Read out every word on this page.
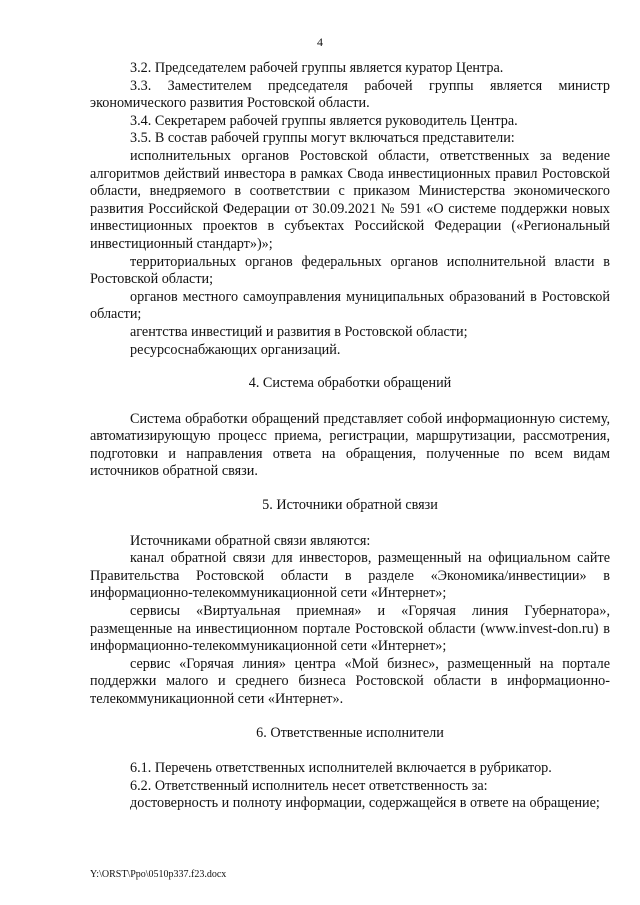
4

3.2. Председателем рабочей группы является куратор Центра.

3.3. Заместителем председателя рабочей группы является министр экономического развития Ростовской области.

3.4. Секретарем рабочей группы является руководитель Центра.

3.5. В состав рабочей группы могут включаться представители:

исполнительных органов Ростовской области, ответственных за ведение алгоритмов действий инвестора в рамках Свода инвестиционных правил Ростовской области, внедряемого в соответствии с приказом Министерства экономического развития Российской Федерации от 30.09.2021 № 591 «О системе поддержки новых инвестиционных проектов в субъектах Российской Федерации («Региональный инвестиционный стандарт»)»;

территориальных органов федеральных органов исполнительной власти в Ростовской области;

органов местного самоуправления муниципальных образований в Ростовской области;

агентства инвестиций и развития в Ростовской области;

ресурсоснабжающих организаций.

4. Система обработки обращений

Система обработки обращений представляет собой информационную систему, автоматизирующую процесс приема, регистрации, маршрутизации, рассмотрения, подготовки и направления ответа на обращения, полученные по всем видам источников обратной связи.

5. Источники обратной связи

Источниками обратной связи являются:

канал обратной связи для инвесторов, размещенный на официальном сайте Правительства Ростовской области в разделе «Экономика/инвестиции» в информационно-телекоммуникационной сети «Интернет»;

сервисы «Виртуальная приемная» и «Горячая линия Губернатора», размещенные на инвестиционном портале Ростовской области (www.invest-don.ru) в информационно-телекоммуникационной сети «Интернет»;

сервис «Горячая линия» центра «Мой бизнес», размещенный на портале поддержки малого и среднего бизнеса Ростовской области в информационно-телекоммуникационной сети «Интернет».

6. Ответственные исполнители

6.1. Перечень ответственных исполнителей включается в рубрикатор.

6.2. Ответственный исполнитель несет ответственность за:

достоверность и полноту информации, содержащейся в ответе на обращение;

Y:\ORST\Ppo\0510p337.f23.docx
